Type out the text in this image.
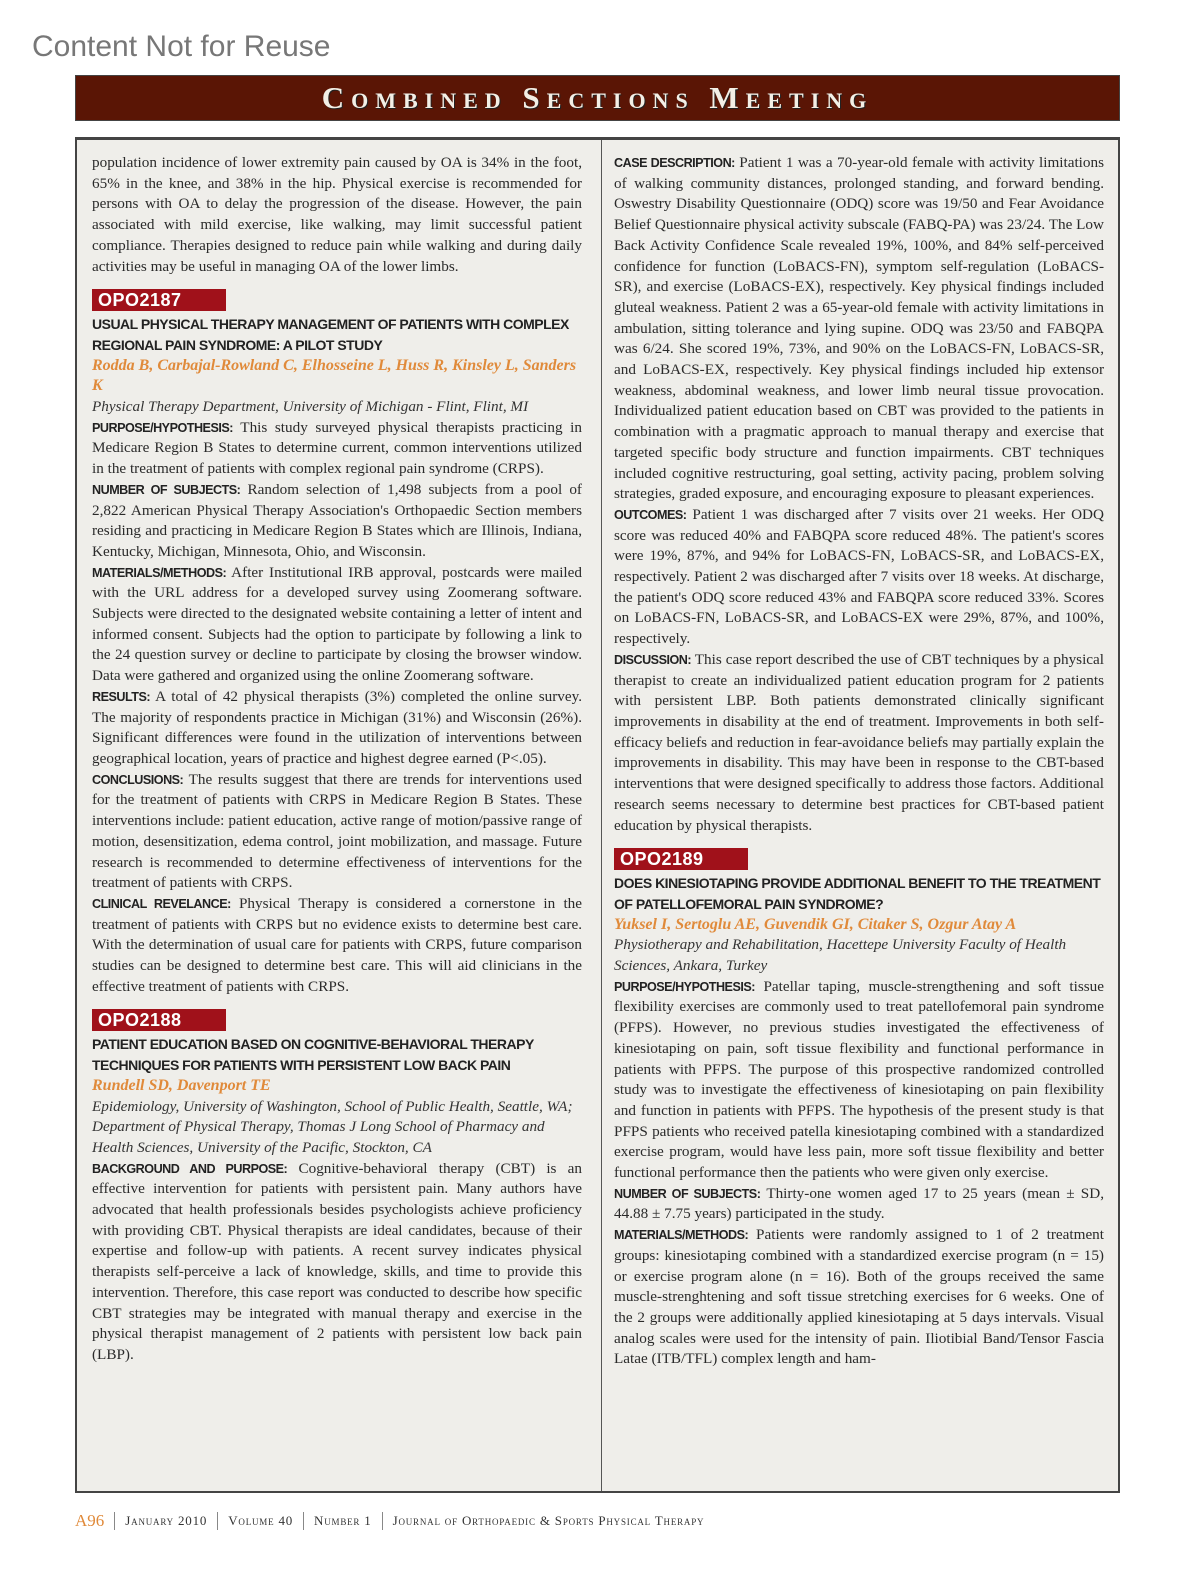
Content Not for Reuse
Combined Sections Meeting

population incidence of lower extremity pain caused by OA is 34% in the foot, 65% in the knee, and 38% in the hip. Physical exercise is recommended for persons with OA to delay the progression of the disease. However, the pain associated with mild exercise, like walking, may limit successful patient compliance. Therapies designed to reduce pain while walking and during daily activities may be useful in managing OA of the lower limbs.

OPO2187
USUAL PHYSICAL THERAPY MANAGEMENT OF PATIENTS WITH COMPLEX REGIONAL PAIN SYNDROME: A PILOT STUDY
Rodda B, Carbajal-Rowland C, Elhosseine L, Huss R, Kinsley L, Sanders K
Physical Therapy Department, University of Michigan - Flint, Flint, MI

PURPOSE/HYPOTHESIS: This study surveyed physical therapists practicing in Medicare Region B States to determine current, common interventions utilized in the treatment of patients with complex regional pain syndrome (CRPS).

NUMBER OF SUBJECTS: Random selection of 1,498 subjects from a pool of 2,822 American Physical Therapy Association's Orthopaedic Section members residing and practicing in Medicare Region B States which are Illinois, Indiana, Kentucky, Michigan, Minnesota, Ohio, and Wisconsin.

MATERIALS/METHODS: After Institutional IRB approval, postcards were mailed with the URL address for a developed survey using Zoomerang software. Subjects were directed to the designated website containing a letter of intent and informed consent. Subjects had the option to participate by following a link to the 24 question survey or decline to participate by closing the browser window. Data were gathered and organized using the online Zoomerang software.

RESULTS: A total of 42 physical therapists (3%) completed the online survey. The majority of respondents practice in Michigan (31%) and Wisconsin (26%). Significant differences were found in the utilization of interventions between geographical location, years of practice and highest degree earned (P<.05).

CONCLUSIONS: The results suggest that there are trends for interventions used for the treatment of patients with CRPS in Medicare Region B States. These interventions include: patient education, active range of motion/passive range of motion, desensitization, edema control, joint mobilization, and massage. Future research is recommended to determine effectiveness of interventions for the treatment of patients with CRPS.

CLINICAL REVELANCE: Physical Therapy is considered a cornerstone in the treatment of patients with CRPS but no evidence exists to determine best care. With the determination of usual care for patients with CRPS, future comparison studies can be designed to determine best care. This will aid clinicians in the effective treatment of patients with CRPS.

OPO2188
PATIENT EDUCATION BASED ON COGNITIVE-BEHAVIORAL THERAPY TECHNIQUES FOR PATIENTS WITH PERSISTENT LOW BACK PAIN
Rundell SD, Davenport TE
Epidemiology, University of Washington, School of Public Health, Seattle, WA; Department of Physical Therapy, Thomas J Long School of Pharmacy and Health Sciences, University of the Pacific, Stockton, CA

BACKGROUND AND PURPOSE: Cognitive-behavioral therapy (CBT) is an effective intervention for patients with persistent pain. Many authors have advocated that health professionals besides psychologists achieve proficiency with providing CBT. Physical therapists are ideal candidates, because of their expertise and follow-up with patients. A recent survey indicates physical therapists self-perceive a lack of knowledge, skills, and time to provide this intervention. Therefore, this case report was conducted to describe how specific CBT strategies may be integrated with manual therapy and exercise in the physical therapist management of 2 patients with persistent low back pain (LBP).

CASE DESCRIPTION: Patient 1 was a 70-year-old female with activity limitations of walking community distances, prolonged standing, and forward bending. Oswestry Disability Questionnaire (ODQ) score was 19/50 and Fear Avoidance Belief Questionnaire physical activity subscale (FABQ-PA) was 23/24. The Low Back Activity Confidence Scale revealed 19%, 100%, and 84% self-perceived confidence for function (LoBACS-FN), symptom self-regulation (LoBACS-SR), and exercise (LoBACS-EX), respectively. Key physical findings included gluteal weakness. Patient 2 was a 65-year-old female with activity limitations in ambulation, sitting tolerance and lying supine. ODQ was 23/50 and FABQPA was 6/24. She scored 19%, 73%, and 90% on the LoBACS-FN, LoBACS-SR, and LoBACS-EX, respectively. Key physical findings included hip extensor weakness, abdominal weakness, and lower limb neural tissue provocation. Individualized patient education based on CBT was provided to the patients in combination with a pragmatic approach to manual therapy and exercise that targeted specific body structure and function impairments. CBT techniques included cognitive restructuring, goal setting, activity pacing, problem solving strategies, graded exposure, and encouraging exposure to pleasant experiences.

OUTCOMES: Patient 1 was discharged after 7 visits over 21 weeks. Her ODQ score was reduced 40% and FABQPA score reduced 48%. The patient's scores were 19%, 87%, and 94% for LoBACS-FN, LoBACS-SR, and LoBACS-EX, respectively. Patient 2 was discharged after 7 visits over 18 weeks. At discharge, the patient's ODQ score reduced 43% and FABQPA score reduced 33%. Scores on LoBACS-FN, LoBACS-SR, and LoBACS-EX were 29%, 87%, and 100%, respectively.

DISCUSSION: This case report described the use of CBT techniques by a physical therapist to create an individualized patient education program for 2 patients with persistent LBP. Both patients demonstrated clinically significant improvements in disability at the end of treatment. Improvements in both self-efficacy beliefs and reduction in fear-avoidance beliefs may partially explain the improvements in disability. This may have been in response to the CBT-based interventions that were designed specifically to address those factors. Additional research seems necessary to determine best practices for CBT-based patient education by physical therapists.

OPO2189
DOES KINESIOTAPING PROVIDE ADDITIONAL BENEFIT TO THE TREATMENT OF PATELLOFEMORAL PAIN SYNDROME?
Yuksel I, Sertoglu AE, Guvendik GI, Citaker S, Ozgur Atay A
Physiotherapy and Rehabilitation, Hacettepe University Faculty of Health Sciences, Ankara, Turkey

PURPOSE/HYPOTHESIS: Patellar taping, muscle-strengthening and soft tissue flexibility exercises are commonly used to treat patellofemoral pain syndrome (PFPS). However, no previous studies investigated the effectiveness of kinesiotaping on pain, soft tissue flexibility and functional performance in patients with PFPS. The purpose of this prospective randomized controlled study was to investigate the effectiveness of kinesiotaping on pain flexibility and function in patients with PFPS. The hypothesis of the present study is that PFPS patients who received patella kinesiotaping combined with a standardized exercise program, would have less pain, more soft tissue flexibility and better functional performance then the patients who were given only exercise.

NUMBER OF SUBJECTS: Thirty-one women aged 17 to 25 years (mean ± SD, 44.88 ± 7.75 years) participated in the study.

MATERIALS/METHODS: Patients were randomly assigned to 1 of 2 treatment groups: kinesiotaping combined with a standardized exercise program (n = 15) or exercise program alone (n = 16). Both of the groups received the same muscle-strenghtening and soft tissue stretching exercises for 6 weeks. One of the 2 groups were additionally applied kinesiotaping at 5 days intervals. Visual analog scales were used for the intensity of pain. Iliotibial Band/Tensor Fascia Latae (ITB/TFL) complex length and ham-

A96 January 2010 Volume 40 Number 1 Journal of Orthopaedic & Sports Physical Therapy
